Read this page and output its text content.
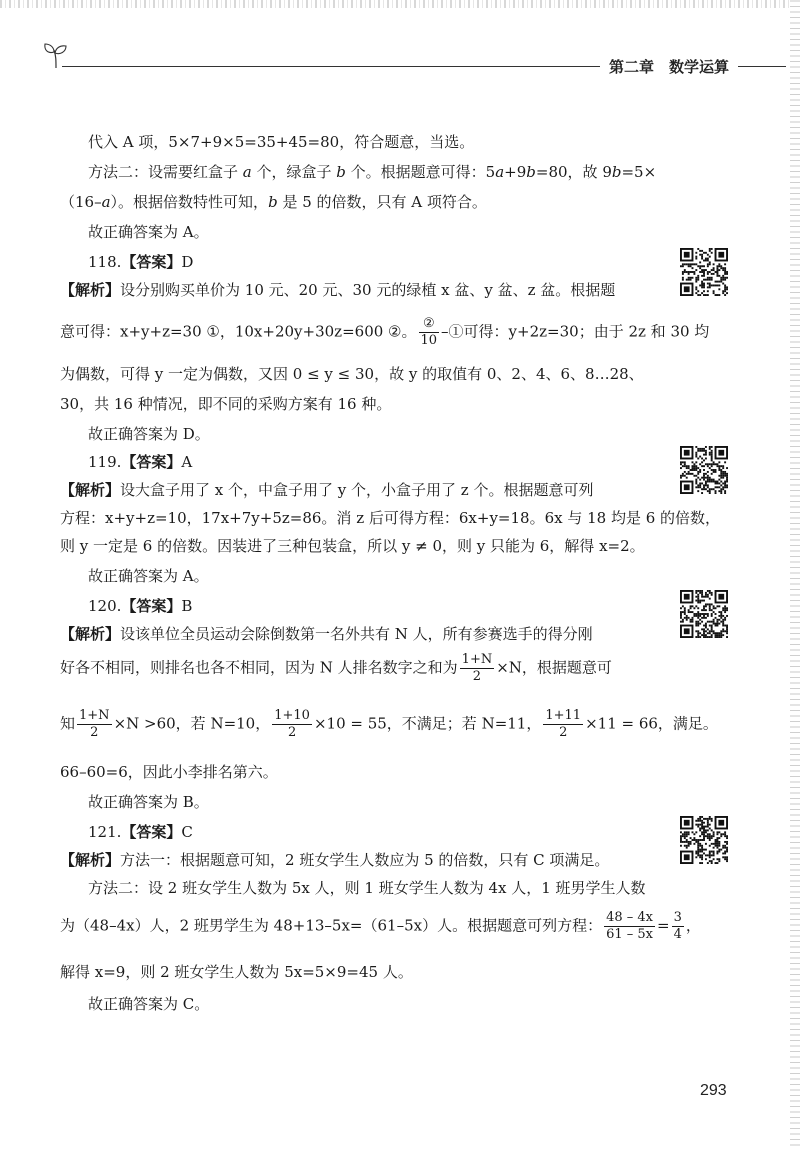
第二章　数学运算
代入 A 项，5×7+9×5=35+45=80，符合题意，当选。
方法二：设需要红盒子 a 个，绿盒子 b 个。根据题意可得：5a+9b=80，故 9b=5×
（16–a）。根据倍数特性可知，b 是 5 的倍数，只有 A 项符合。
故正确答案为 A。
118.【答案】D
【解析】设分别购买单价为 10 元、20 元、30 元的绿植 x 盆、y 盆、z 盆。根据题
意可得：x+y+z=30 ①，10x+20y+30z=600 ②。 $\frac{\text{②}}{10}$ –①可得：y+2z=30；由于 2z 和 30 均
为偶数，可得 y 一定为偶数，又因 0 ≤ y ≤ 30，故 y 的取值有 0、2、4、6、8…28、
30，共 16 种情况，即不同的采购方案有 16 种。
故正确答案为 D。
119.【答案】A
【解析】设大盒子用了 x 个，中盒子用了 y 个，小盒子用了 z 个。根据题意可列
方程：x+y+z=10，17x+7y+5z=86。消 z 后可得方程：6x+y=18。6x 与 18 均是 6 的倍数，
则 y 一定是 6 的倍数。因装进了三种包装盒，所以 y ≠ 0，则 y 只能为 6，解得 x=2。
故正确答案为 A。
120.【答案】B
【解析】设该单位全员运动会除倒数第一名外共有 N 人，所有参赛选手的得分刚
好各不相同，则排名也各不相同，因为 N 人排名数字之和为 $\frac{1+N}{2} \times N$，根据题意可
知 $\frac{1+N}{2} \times N >60$，若 N=10， $\frac{1+10}{2} \times 10 = 55$，不满足；若 N=11， $\frac{1+11}{2} \times 11 = 66$，满足。
66–60=6，因此小李排名第六。
故正确答案为 B。
121.【答案】C
【解析】方法一：根据题意可知，2 班女学生人数应为 5 的倍数，只有 C 项满足。
方法二：设 2 班女学生人数为 5x 人，则 1 班女学生人数为 4x 人，1 班男学生人数
为（48–4x）人，2 班男学生为 48+13–5x=（61–5x）人。根据题意可列方程： $\frac{48 - 4x}{61 - 5x} = \frac{3}{4}$ ，
解得 x=9，则 2 班女学生人数为 5x=5×9=45 人。
故正确答案为 C。
293
